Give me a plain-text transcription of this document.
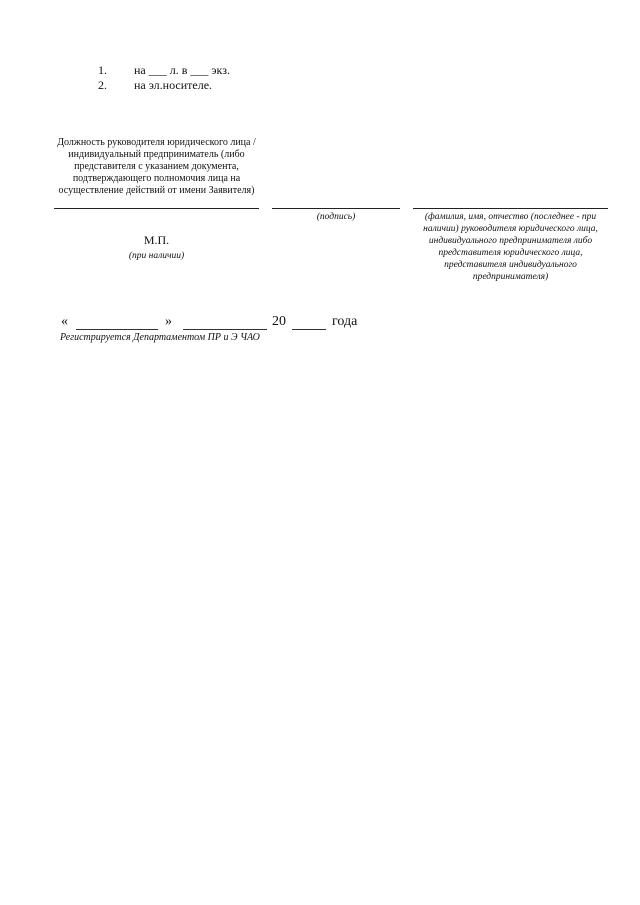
1. на ___ л. в ___ экз.
2. на эл.носителе.
Должность руководителя юридического лица / индивидуальный предприниматель (либо представителя с указанием документа, подтверждающего полномочия лица на осуществление действий от имени Заявителя)
(подпись)	(фамилия, имя, отчество (последнее - при наличии) руководителя юридического лица, индивидуального предпринимателя либо представителя юридического лица, представителя индивидуального предпринимателя)
М.П.
(при наличии)
«	»	20	года
Регистрируется Департаментом ПР и Э ЧАО
